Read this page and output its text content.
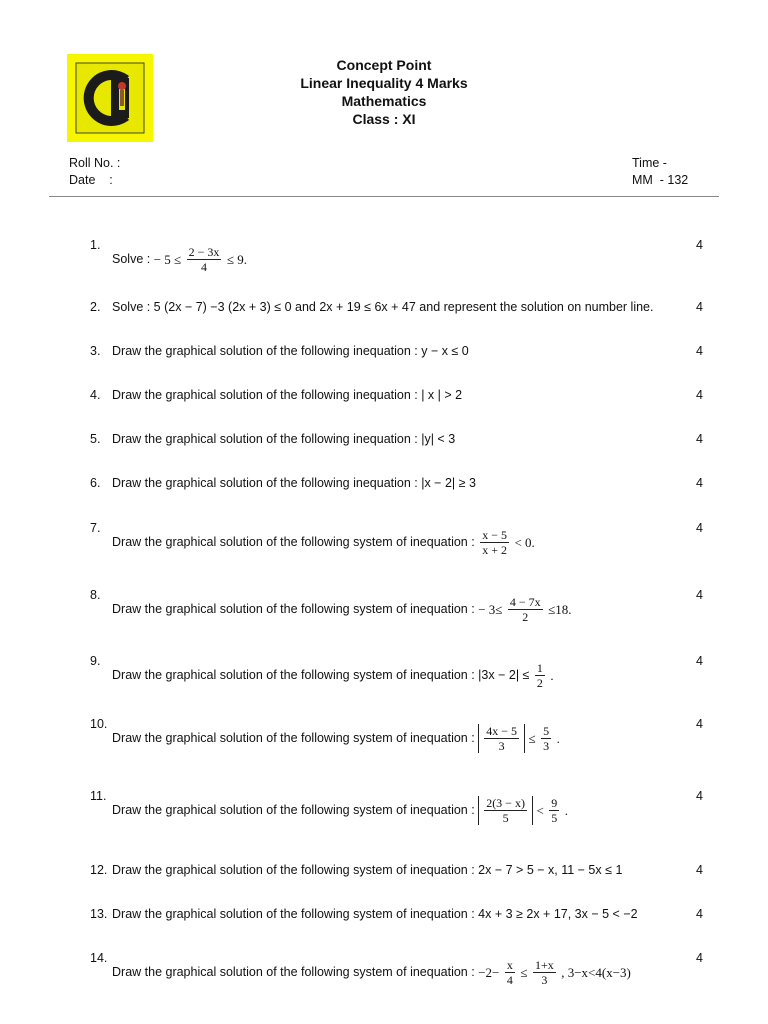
Concept Point
Linear Inequality 4 Marks
Mathematics
Class : XI
Roll No. :
Date    :
Time -
MM  - 132
1.
Solve : − $5 \le \frac{2 - 3x}{4} \le 9$.
4
2. Solve : 5 (2x − 7) −3 (2x + 3) ≤ 0 and 2x + 19 ≤ 6x + 47 and represent the solution on number line.	4
3. Draw the graphical solution of the following inequation : y − x ≤ 0	4
4. Draw the graphical solution of the following inequation : | x | > 2	4
5. Draw the graphical solution of the following inequation : |y| < 3	4
6. Draw the graphical solution of the following inequation : |x − 2| ≥ 3	4
7.
Draw the graphical solution of the following system of inequation : $\frac{x - 5}{x + 2} < 0$.
4
8.
Draw the graphical solution of the following system of inequation : − $3\le \frac{4 - 7x}{2} \le 18$.
4
9.
Draw the graphical solution of the following system of inequation : $|3x - 2| \le \frac{1}{2}$ .
4
10.
Draw the graphical solution of the following system of inequation : $\frac{4x - 5}{3} \le \frac{5}{3}$ .
4
11.
Draw the graphical solution of the following system of inequation : $\frac{2(3 - x)}{5} < \frac{9}{5}$ .
4
12. Draw the graphical solution of the following system of inequation : 2x − 7 > 5 − x, 11 − 5x ≤ 1	4
13. Draw the graphical solution of the following system of inequation : 4x + 3 ≥ 2x + 17, 3x − 5 < −2	4
14.
Draw the graphical solution of the following system of inequation : $-2- \frac{x}{4} \le \frac{1+x}{3}$ , 3−x<4(x−3)
4
